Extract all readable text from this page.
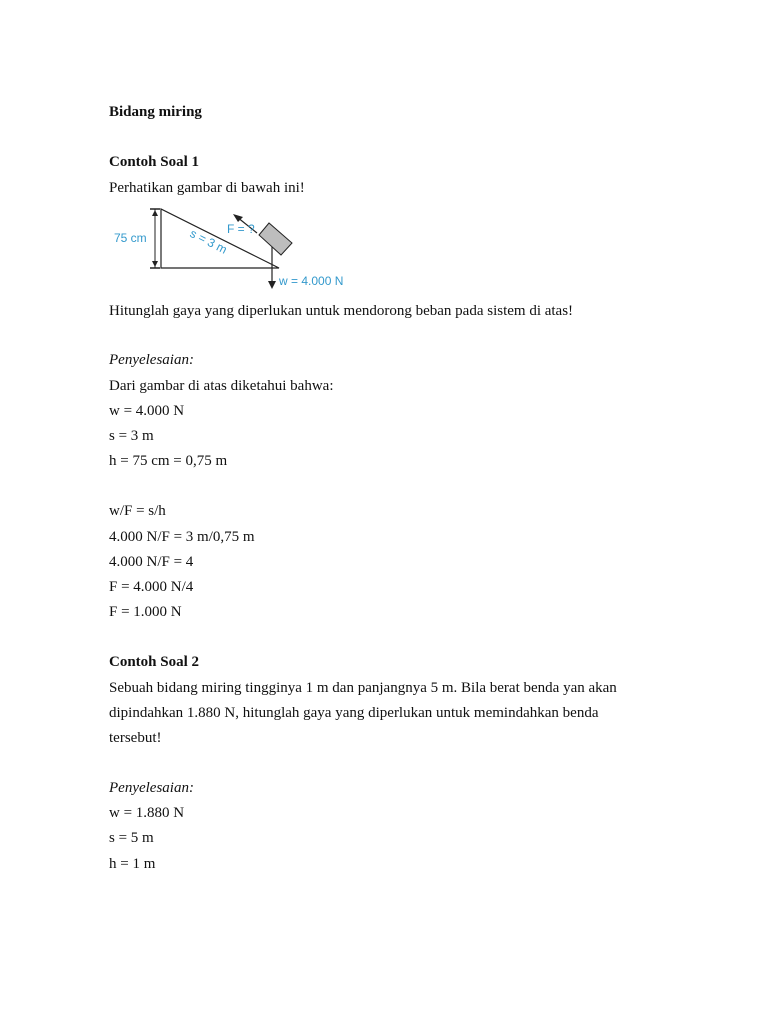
Bidang miring
Contoh Soal 1
Perhatikan gambar di bawah ini!
75 cm	s = 3 m
F = ?
w = 4.000 N
Hitunglah gaya yang diperlukan untuk mendorong beban pada sistem di atas!
Penyelesaian:
Dari gambar di atas diketahui bahwa:
w = 4.000 N
s = 3 m
h = 75 cm = 0,75 m
w/F = s/h
4.000 N/F = 3 m/0,75 m
4.000 N/F = 4
F = 4.000 N/4
F = 1.000 N
Contoh Soal 2
Sebuah bidang miring tingginya 1 m dan panjangnya 5 m. Bila berat benda yan akan
dipindahkan 1.880 N, hitunglah gaya yang diperlukan untuk memindahkan benda
tersebut!
Penyelesaian:
w = 1.880 N
s = 5 m
h = 1 m
